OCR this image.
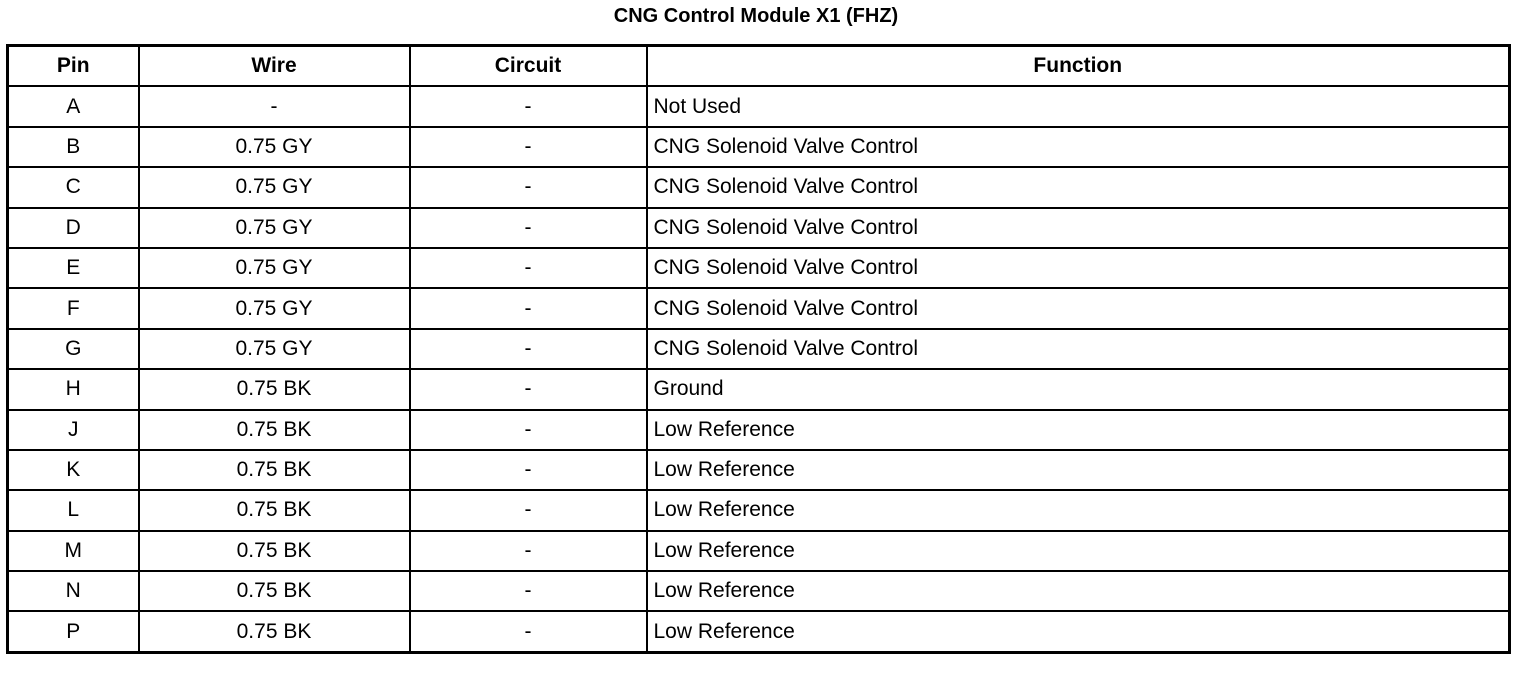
CNG Control Module X1 (FHZ)
Pin	Wire	Circuit	Function
A	-	-	Not Used
B	0.75 GY	-	CNG Solenoid Valve Control
C	0.75 GY	-	CNG Solenoid Valve Control
D	0.75 GY	-	CNG Solenoid Valve Control
E	0.75 GY	-	CNG Solenoid Valve Control
F	0.75 GY	-	CNG Solenoid Valve Control
G	0.75 GY	-	CNG Solenoid Valve Control
H	0.75 BK	-	Ground
J	0.75 BK	-	Low Reference
K	0.75 BK	-	Low Reference
L	0.75 BK	-	Low Reference
M	0.75 BK	-	Low Reference
N	0.75 BK	-	Low Reference
P	0.75 BK	-	Low Reference
